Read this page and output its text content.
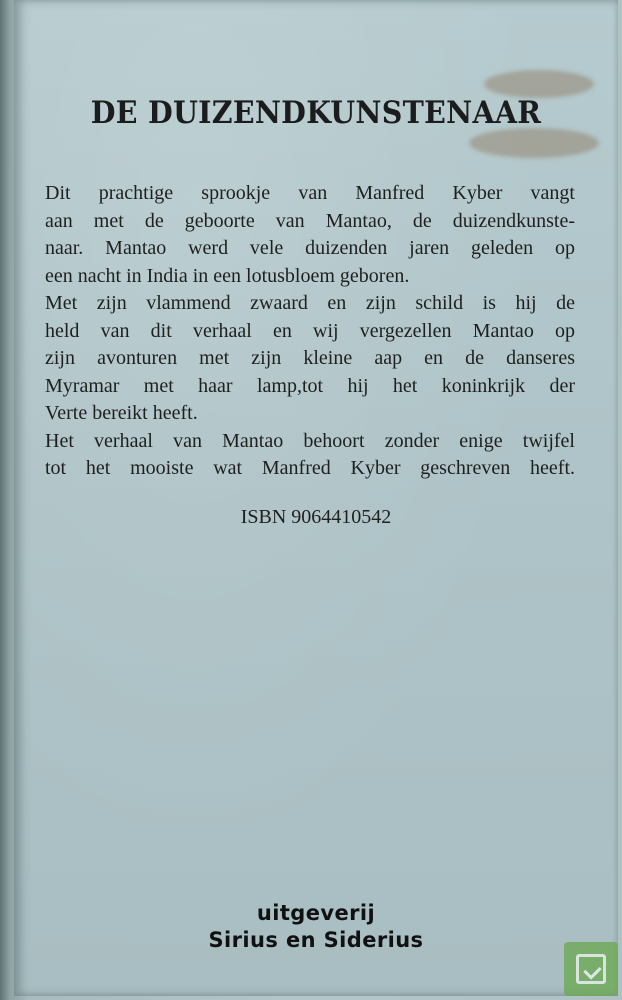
DE DUIZENDKUNSTENAAR
Dit prachtige sprookje van Manfred Kyber vangt
aan met de geboorte van Mantao, de duizendkunste-
naar. Mantao werd vele duizenden jaren geleden op
een nacht in India in een lotusbloem geboren.
Met zijn vlammend zwaard en zijn schild is hij de
held van dit verhaal en wij vergezellen Mantao op
zijn avonturen met zijn kleine aap en de danseres
Myramar met haar lamp,tot hij het koninkrijk der
Verte bereikt heeft.
Het verhaal van Mantao behoort zonder enige twijfel
tot het mooiste wat Manfred Kyber geschreven heeft.
ISBN 9064410542
uitgeverij
Sirius en Siderius
